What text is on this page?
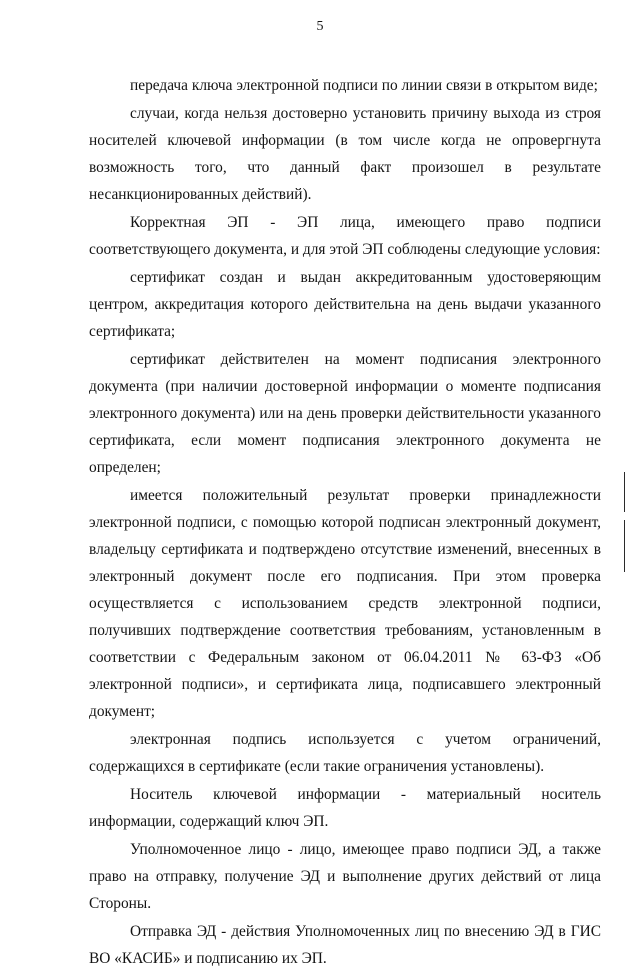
5

передача ключа электронной подписи по линии связи в открытом виде;

случаи, когда нельзя достоверно установить причину выхода из строя носителей ключевой информации (в том числе когда не опровергнута возможность того, что данный факт произошел в результате несанкционированных действий).

Корректная ЭП - ЭП лица, имеющего право подписи соответствующего документа, и для этой ЭП соблюдены следующие условия:

сертификат создан и выдан аккредитованным удостоверяющим центром, аккредитация которого действительна на день выдачи указанного сертификата;

сертификат действителен на момент подписания электронного документа (при наличии достоверной информации о моменте подписания электронного документа) или на день проверки действительности указанного сертификата, если момент подписания электронного документа не определен;

имеется положительный результат проверки принадлежности электронной подписи, с помощью которой подписан электронный документ, владельцу сертификата и подтверждено отсутствие изменений, внесенных в электронный документ после его подписания. При этом проверка осуществляется с использованием средств электронной подписи, получивших подтверждение соответствия требованиям, установленным в соответствии с Федеральным законом от 06.04.2011 № 63-ФЗ «Об электронной подписи», и сертификата лица, подписавшего электронный документ;

электронная подпись используется с учетом ограничений, содержащихся в сертификате (если такие ограничения установлены).

Носитель ключевой информации - материальный носитель информации, содержащий ключ ЭП.

Уполномоченное лицо - лицо, имеющее право подписи ЭД, а также право на отправку, получение ЭД и выполнение других действий от лица Стороны.

Отправка ЭД - действия Уполномоченных лиц по внесению ЭД в ГИС ВО «КАСИБ» и подписанию их ЭП.
